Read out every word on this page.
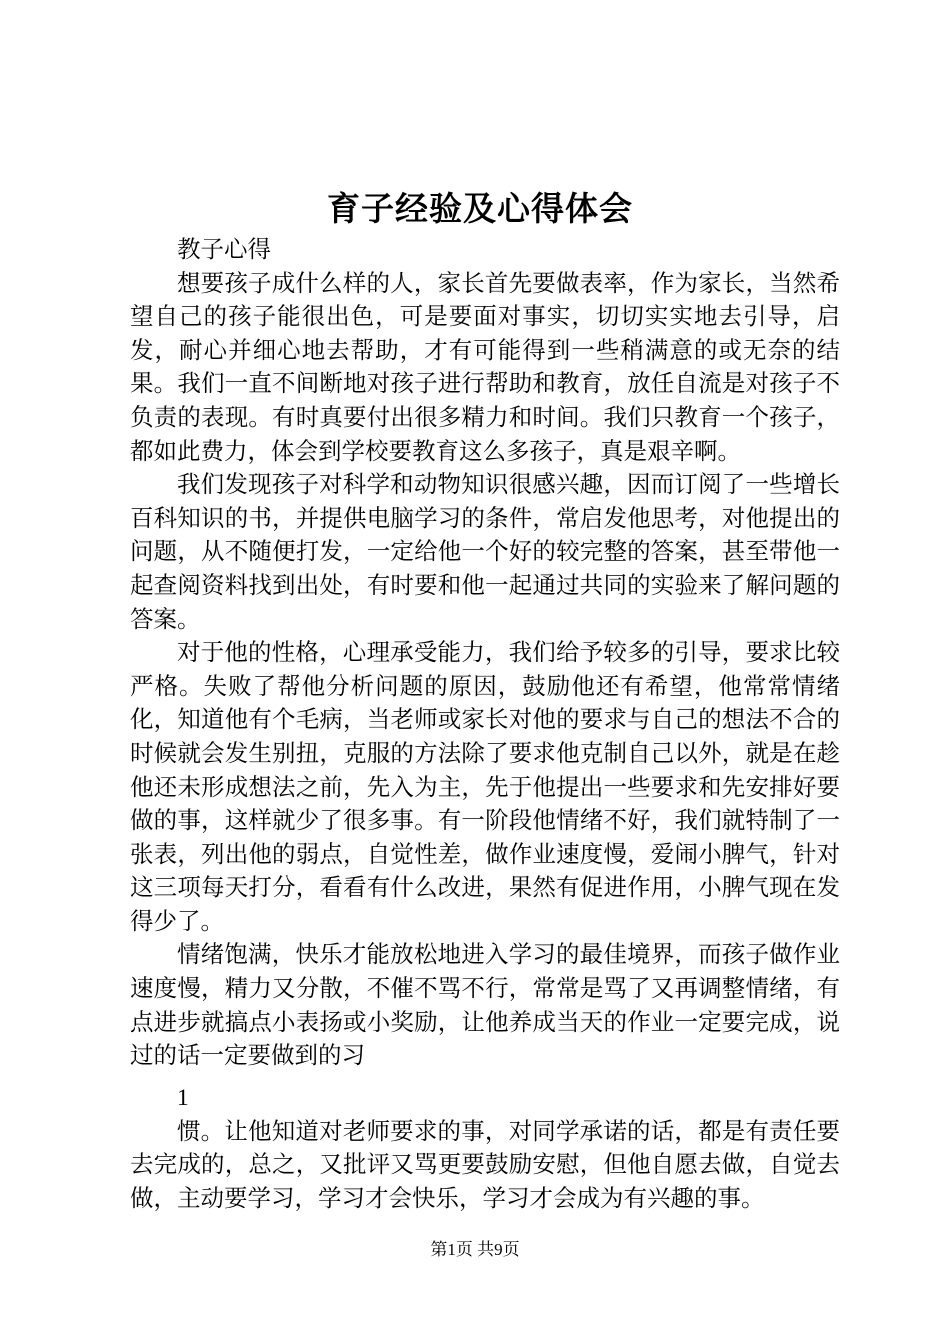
育子经验及心得体会

教子心得

想要孩子成什么样的人，家长首先要做表率，作为家长，当然希望自己的孩子能很出色，可是要面对事实，切切实实地去引导，启发，耐心并细心地去帮助，才有可能得到一些稍满意的或无奈的结果。我们一直不间断地对孩子进行帮助和教育，放任自流是对孩子不负责的表现。有时真要付出很多精力和时间。我们只教育一个孩子，都如此费力，体会到学校要教育这么多孩子，真是艰辛啊。

我们发现孩子对科学和动物知识很感兴趣，因而订阅了一些增长百科知识的书，并提供电脑学习的条件，常启发他思考，对他提出的问题，从不随便打发，一定给他一个好的较完整的答案，甚至带他一起查阅资料找到出处，有时要和他一起通过共同的实验来了解问题的答案。

对于他的性格，心理承受能力，我们给予较多的引导，要求比较严格。失败了帮他分析问题的原因，鼓励他还有希望，他常常情绪化，知道他有个毛病，当老师或家长对他的要求与自己的想法不合的时候就会发生别扭，克服的方法除了要求他克制自己以外，就是在趁他还未形成想法之前，先入为主，先于他提出一些要求和先安排好要做的事，这样就少了很多事。有一阶段他情绪不好，我们就特制了一张表，列出他的弱点，自觉性差，做作业速度慢，爱闹小脾气，针对这三项每天打分，看看有什么改进，果然有促进作用，小脾气现在发得少了。

情绪饱满，快乐才能放松地进入学习的最佳境界，而孩子做作业速度慢，精力又分散，不催不骂不行，常常是骂了又再调整情绪，有点进步就搞点小表扬或小奖励，让他养成当天的作业一定要完成，说过的话一定要做到的习

1

惯。让他知道对老师要求的事，对同学承诺的话，都是有责任要去完成的，总之，又批评又骂更要鼓励安慰，但他自愿去做，自觉去做，主动要学习，学习才会快乐，学习才会成为有兴趣的事。

第1页 共9页
